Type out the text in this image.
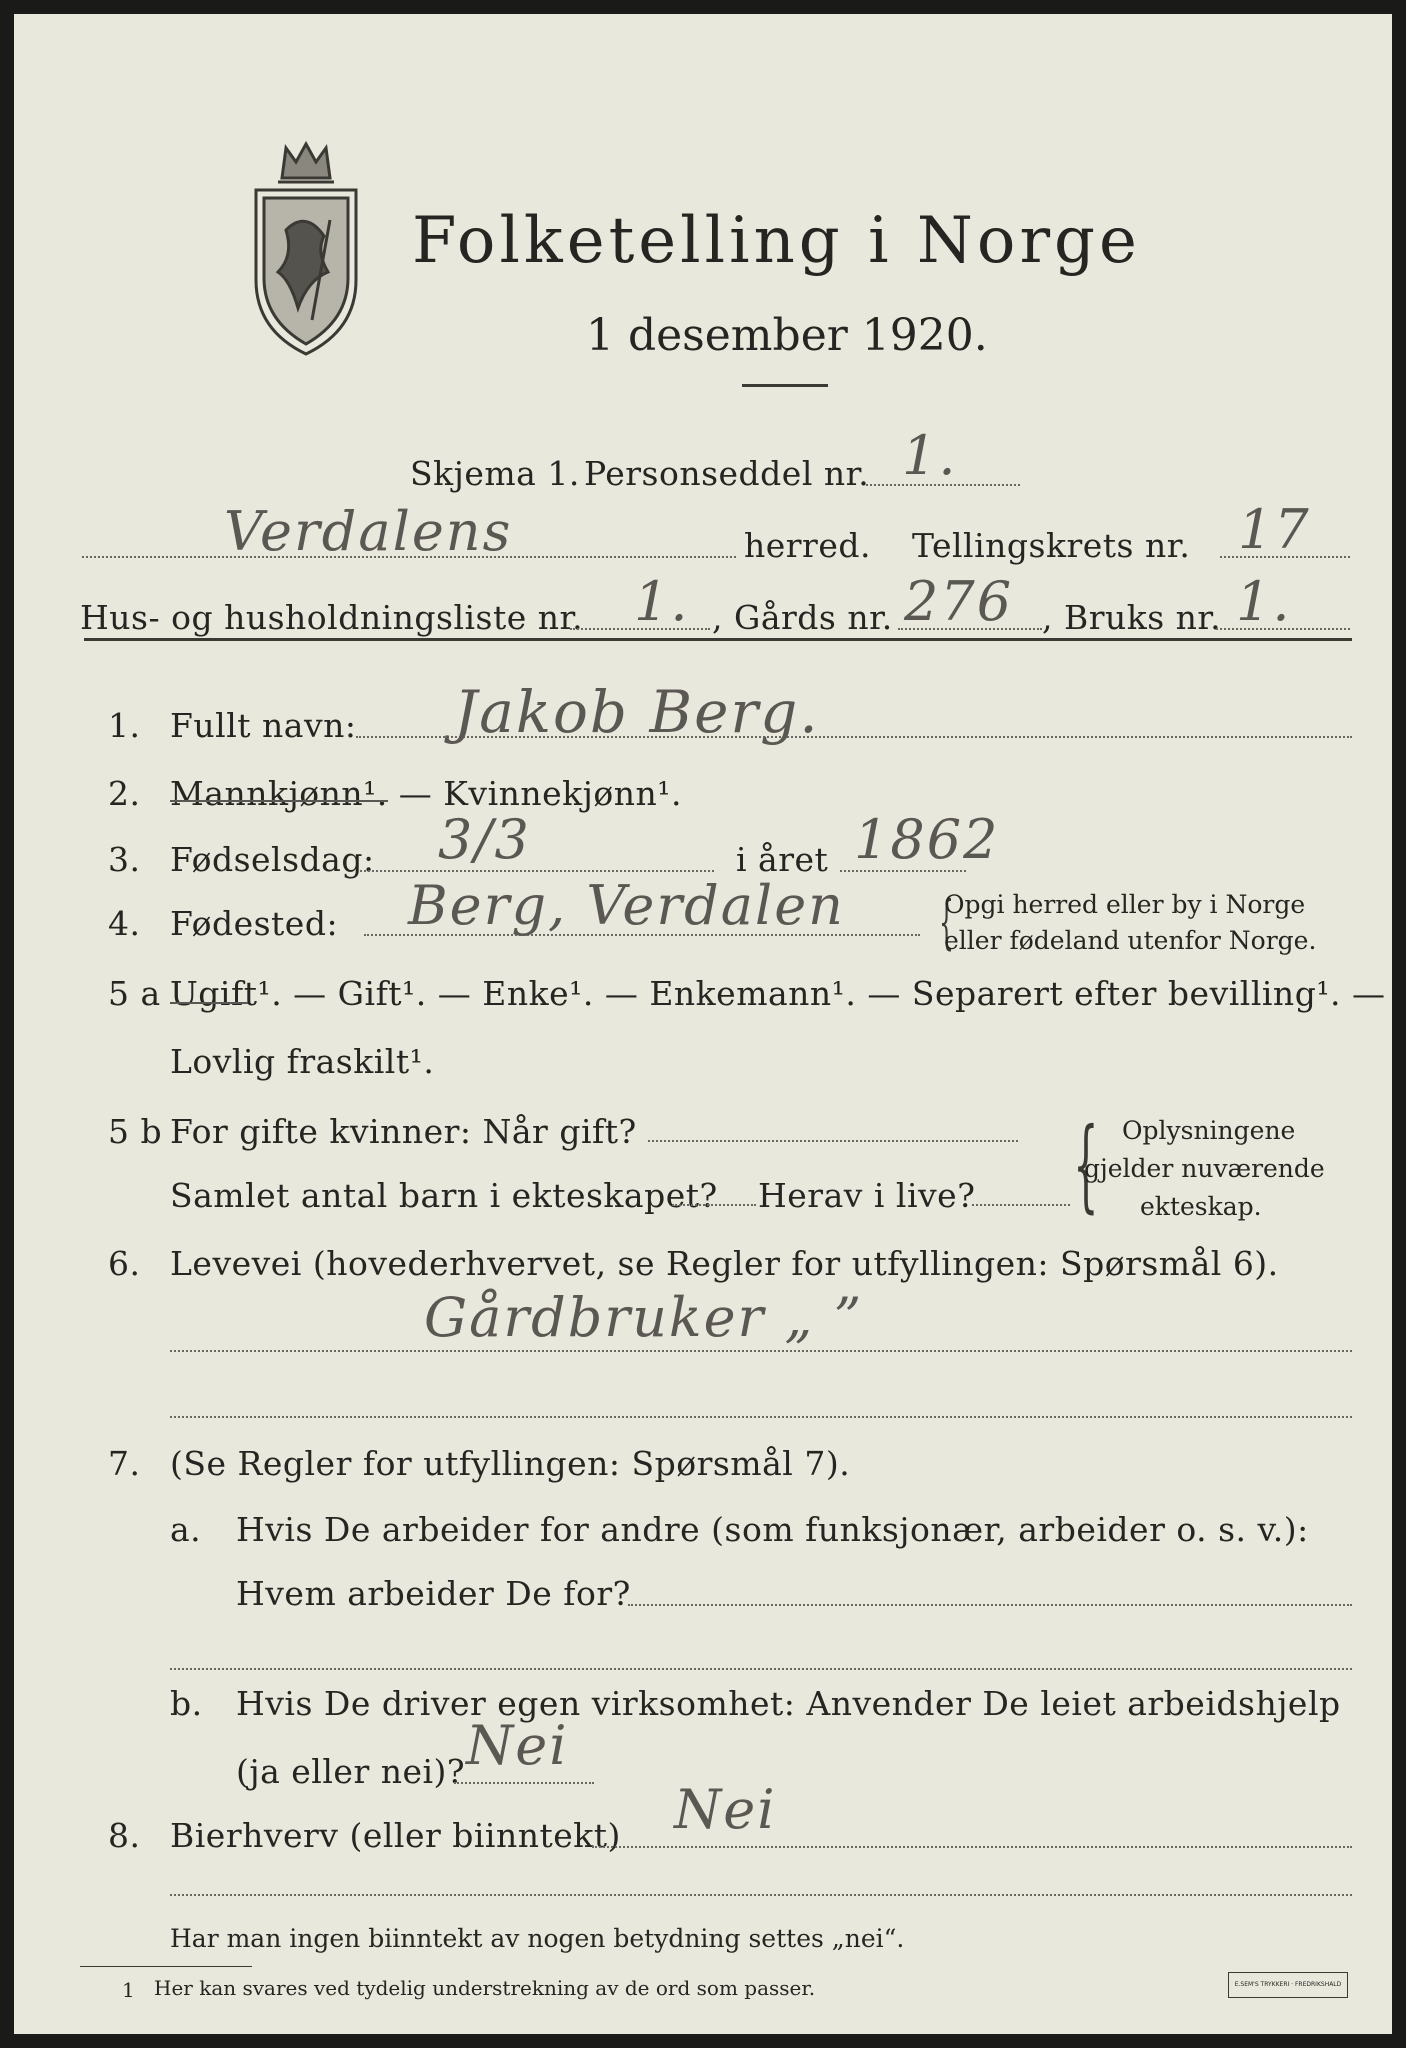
Folketelling i Norge
1 desember 1920.
Skjema 1. Personseddel nr. 1.
Verdalens	herred. Tellingskrets nr. 17
Hus- og husholdningsliste nr. 1. , Gårds nr. 276 , Bruks nr. 1.
1. Fullt navn: Jakob Berg.
2. Mannkjønn¹. — Kvinnekjønn¹.
3. Fødselsdag: 3/3	i året 1862
4. Fødested: Berg, Verdalen {
Opgi herred eller by i Norge
eller fødeland utenfor Norge.
5 a Ugift¹. — Gift¹. — Enke¹. — Enkemann¹. — Separert efter bevilling¹. —
Lovlig fraskilt¹.
5 b For gifte kvinner: Når gift?
Samlet antal barn i ekteskapet? Herav i live? { Oplysningene
gjelder nuværende
ekteskap.
6. Levevei (hovederhvervet, se Regler for utfyllingen: Spørsmål 6).
Gårdbruker „ ”
7. (Se Regler for utfyllingen: Spørsmål 7).
a. Hvis De arbeider for andre (som funksjonær, arbeider o. s. v.):
Hvem arbeider De for?
b. Hvis De driver egen virksomhet: Anvender De leiet arbeidshjelp
(ja eller nei)? Nei
8. Bierhverv (eller biinntekt) Nei
Har man ingen biinntekt av nogen betydning settes „nei“.
1 Her kan svares ved tydelig understrekning av de ord som passer.	E.SEM'S TRYKKERI · FREDRIKSHALD
